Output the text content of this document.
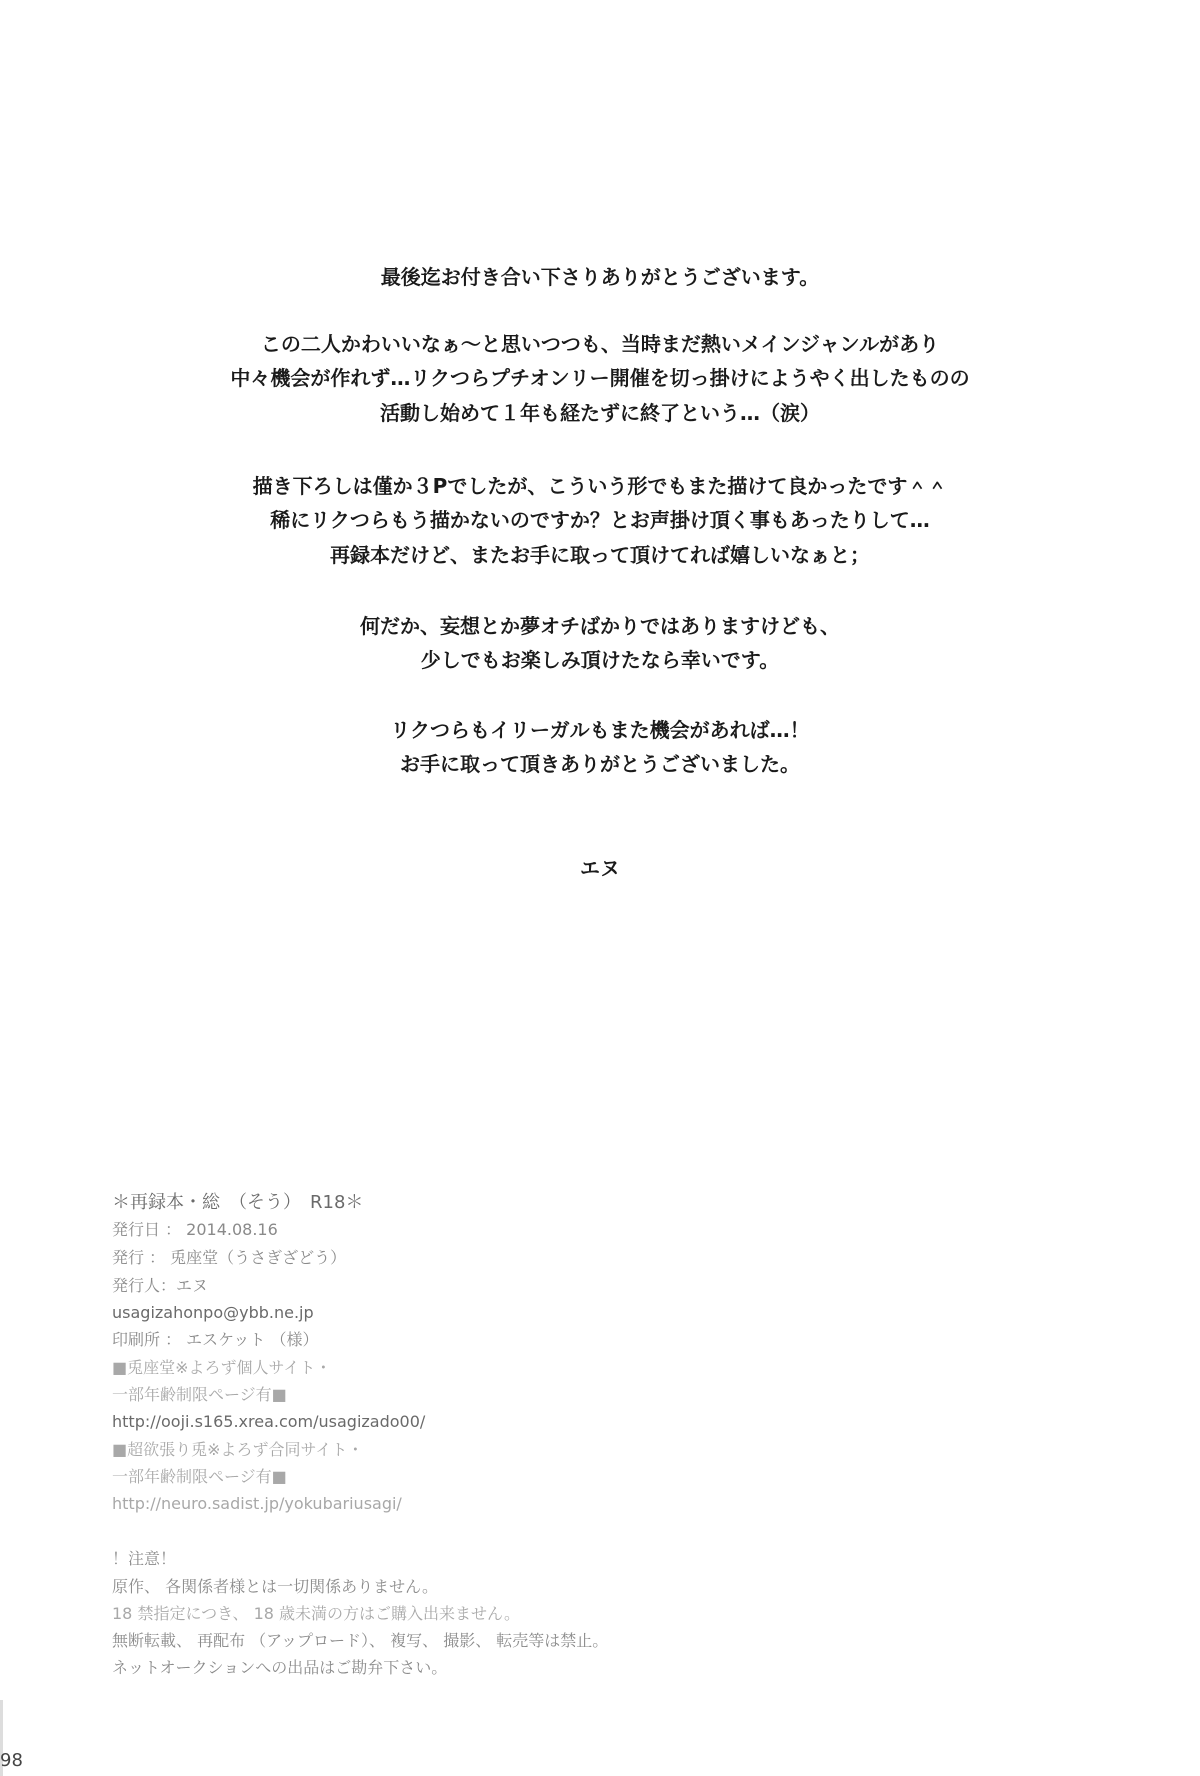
最後迄お付き合い下さりありがとうございます。
この二人かわいいなぁ～と思いつつも、当時まだ熱いメインジャンルがあり
中々機会が作れず…リクつらプチオンリー開催を切っ掛けにようやく出したものの
活動し始めて１年も経たずに終了という…（涙）
描き下ろしは僅か３Pでしたが、こういう形でもまた描けて良かったです＾＾
稀にリクつらもう描かないのですか？とお声掛け頂く事もあったりして…
再録本だけど、またお手に取って頂けてれば嬉しいなぁと；
何だか、妄想とか夢オチばかりではありますけども、
少しでもお楽しみ頂けたなら幸いです。
リクつらもイリーガルもまた機会があれば…！
お手に取って頂きありがとうございました。
エヌ
＊再録本・総　（そう）　R18＊
発行日 ： 2014.08.16
発行 ： 兎座堂（うさぎざどう）
発行人：エヌ
usagizahonpo@ybb.ne.jp
印刷所 ： エスケット （様）
■兎座堂※よろず個人サイト・
一部年齢制限ページ有■
http://ooji.s165.xrea.com/usagizado00/
■超欲張り兎※よろず合同サイト・
一部年齢制限ページ有■
http://neuro.sadist.jp/yokubariusagi/
！注意！
原作、 各関係者様とは一切関係ありません。
18 禁指定につき、 18 歳未満の方はご購入出来ません。
無断転載、 再配布 （アップロード）、 複写、 撮影、 転売等は禁止。
ネットオークションへの出品はご勘弁下さい。
98
